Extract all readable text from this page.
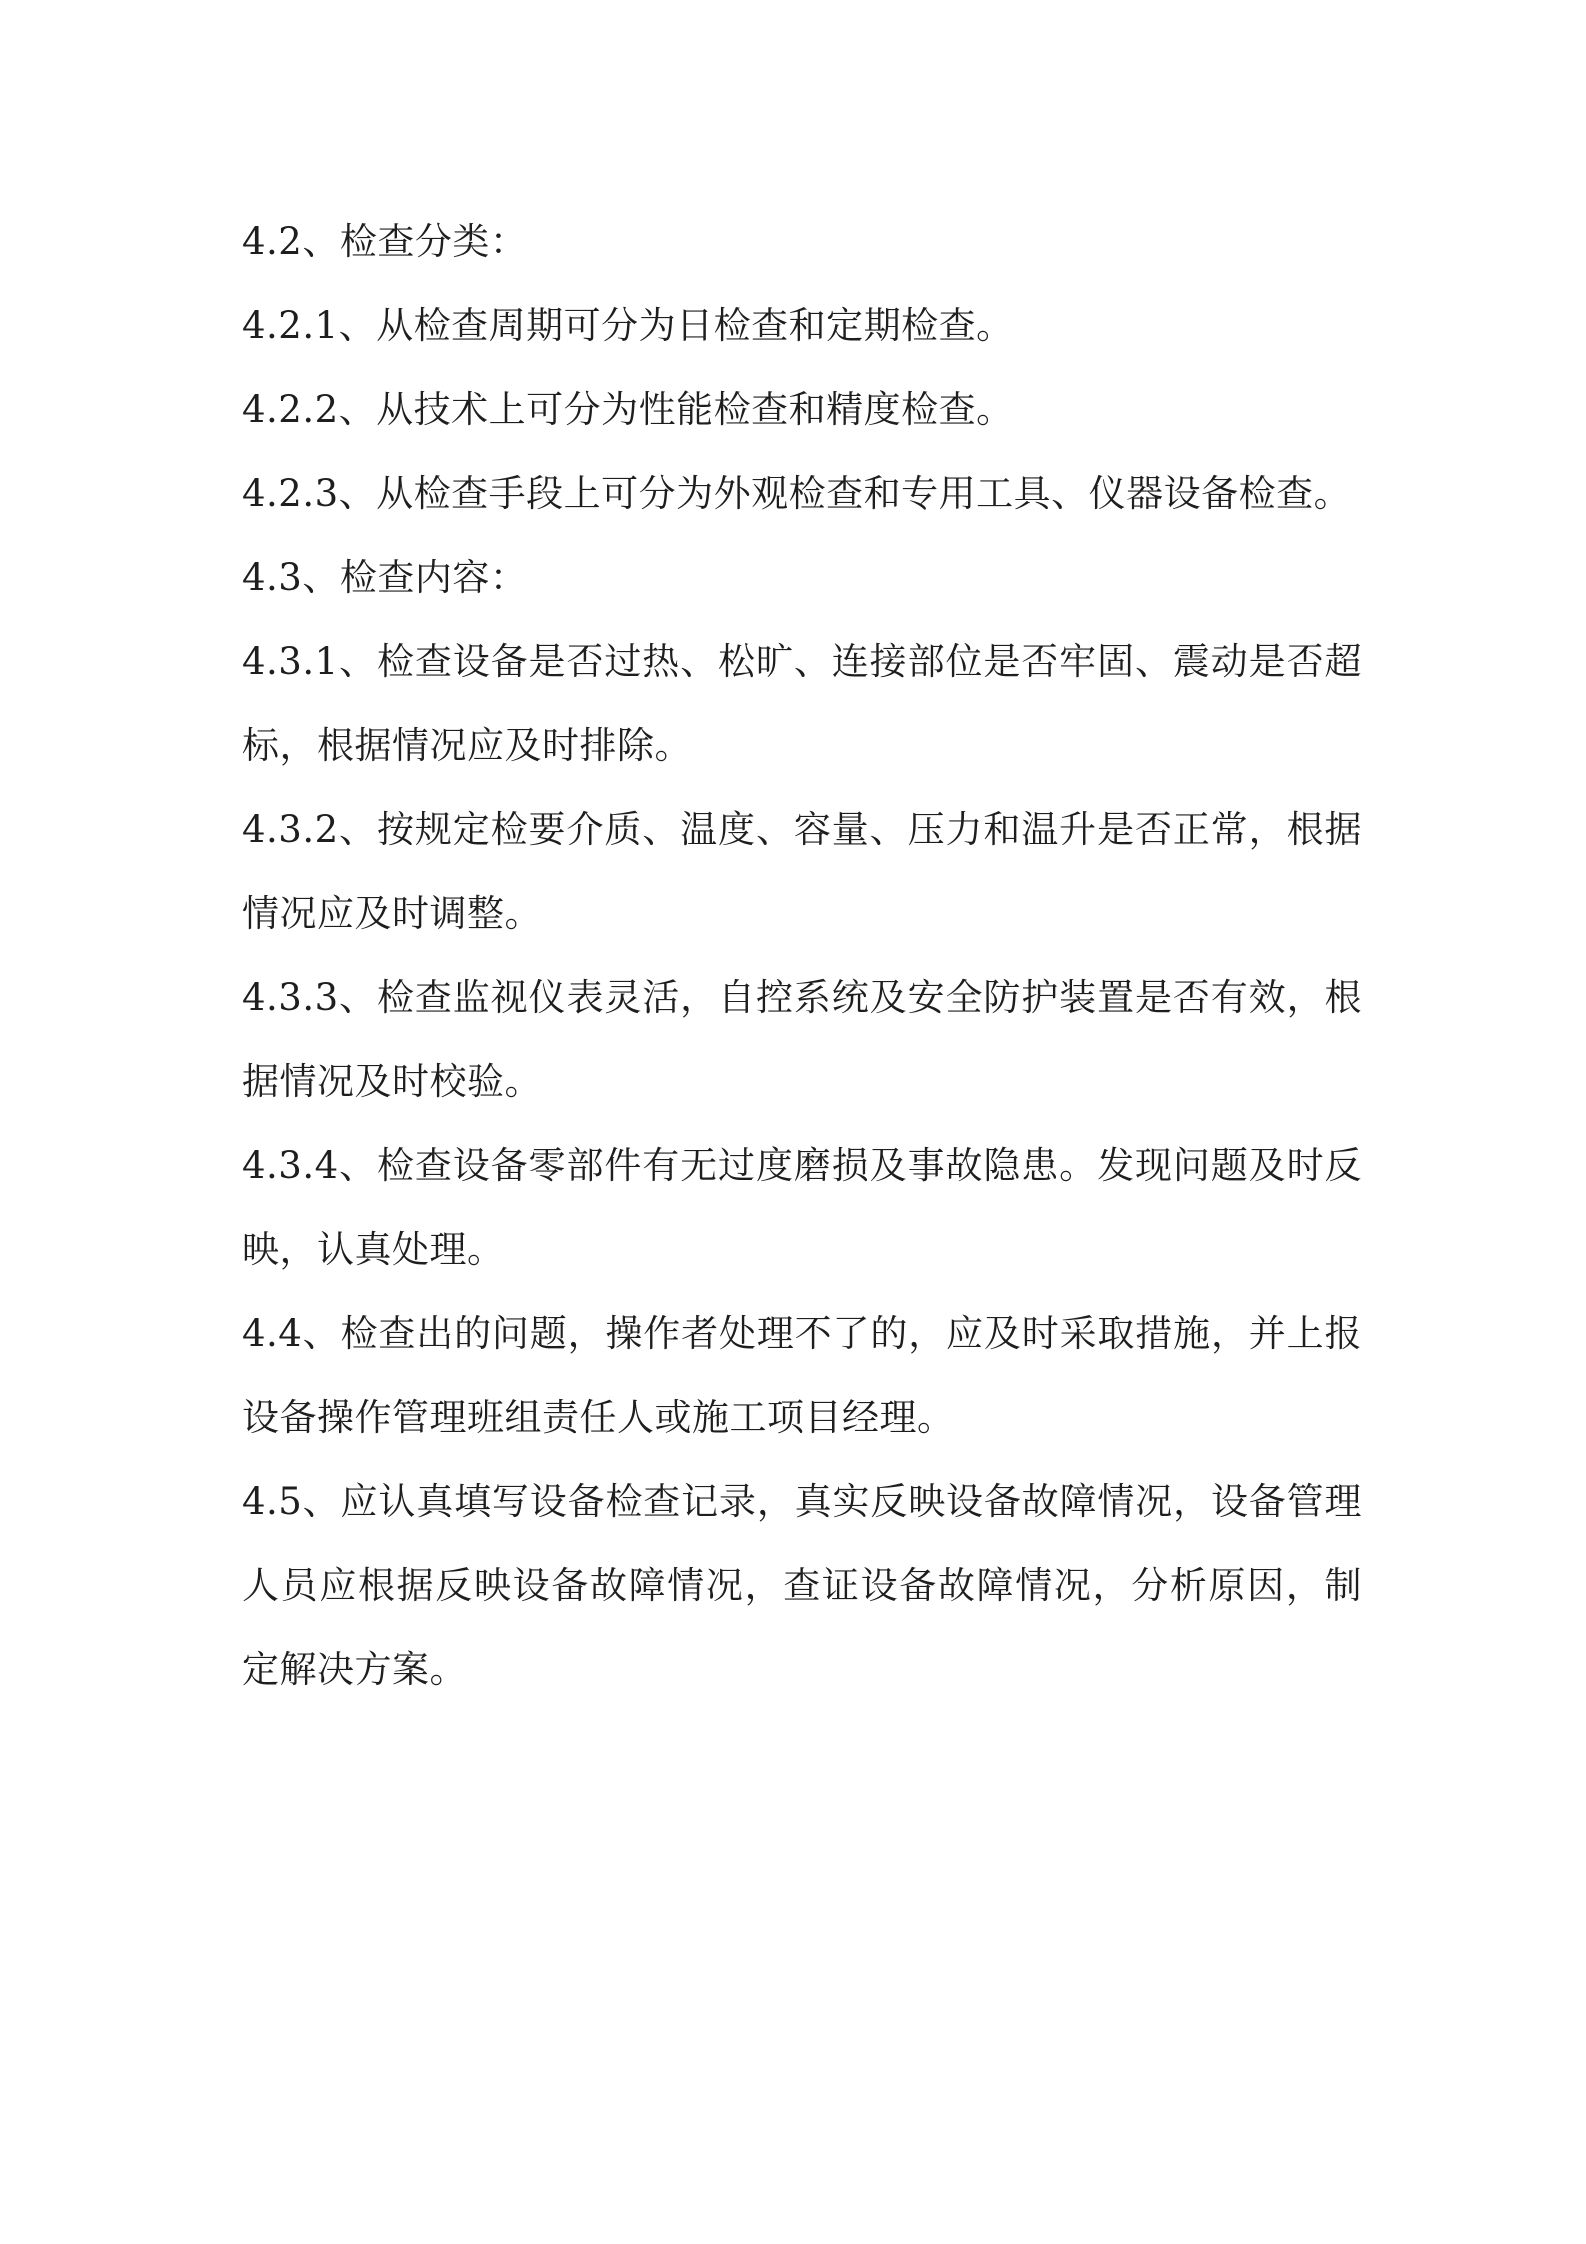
4.2、检查分类：

4.2.1、从检查周期可分为日检查和定期检查。

4.2.2、从技术上可分为性能检查和精度检查。

4.2.3、从检查手段上可分为外观检查和专用工具、仪器设备检查。

4.3、检查内容：

4.3.1、检查设备是否过热、松旷、连接部位是否牢固、震动是否超标，根据情况应及时排除。

4.3.2、按规定检要介质、温度、容量、压力和温升是否正常，根据情况应及时调整。

4.3.3、检查监视仪表灵活，自控系统及安全防护装置是否有效，根据情况及时校验。

4.3.4、检查设备零部件有无过度磨损及事故隐患。发现问题及时反映，认真处理。

4.4、检查出的问题，操作者处理不了的，应及时采取措施，并上报设备操作管理班组责任人或施工项目经理。

4.5、应认真填写设备检查记录，真实反映设备故障情况，设备管理人员应根据反映设备故障情况，查证设备故障情况，分析原因，制定解决方案。
